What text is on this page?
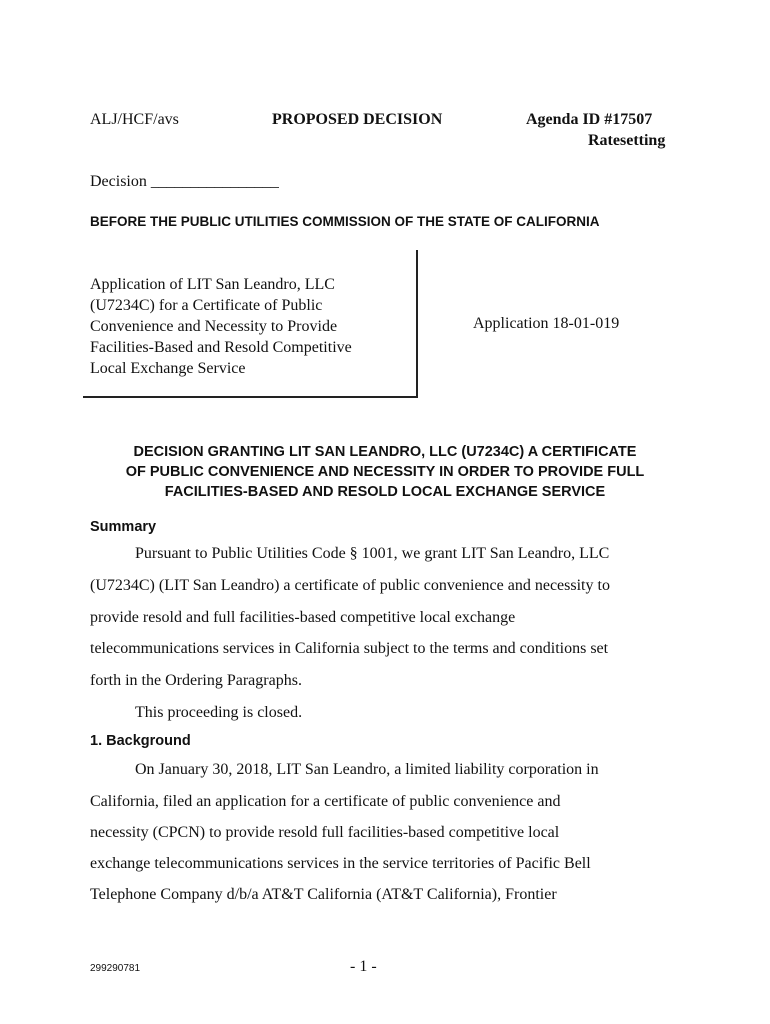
ALJ/HCF/avs	PROPOSED DECISION	Agenda ID #17507
Ratesetting
Decision ________________
BEFORE THE PUBLIC UTILITIES COMMISSION OF THE STATE OF CALIFORNIA
Application of LIT San Leandro, LLC
(U7234C) for a Certificate of Public
Convenience and Necessity to Provide
Facilities-Based and Resold Competitive
Local Exchange Service
Application 18-01-019
DECISION GRANTING LIT SAN LEANDRO, LLC (U7234C) A CERTIFICATE
OF PUBLIC CONVENIENCE AND NECESSITY IN ORDER TO PROVIDE FULL
FACILITIES-BASED AND RESOLD LOCAL EXCHANGE SERVICE
Summary
Pursuant to Public Utilities Code § 1001, we grant LIT San Leandro, LLC
(U7234C) (LIT San Leandro) a certificate of public convenience and necessity to
provide resold and full facilities-based competitive local exchange
telecommunications services in California subject to the terms and conditions set
forth in the Ordering Paragraphs.
This proceeding is closed.
1. Background
On January 30, 2018, LIT San Leandro, a limited liability corporation in
California, filed an application for a certificate of public convenience and
necessity (CPCN) to provide resold full facilities-based competitive local
exchange telecommunications services in the service territories of Pacific Bell
Telephone Company d/b/a AT&T California (AT&T California), Frontier
299290781	- 1 -
